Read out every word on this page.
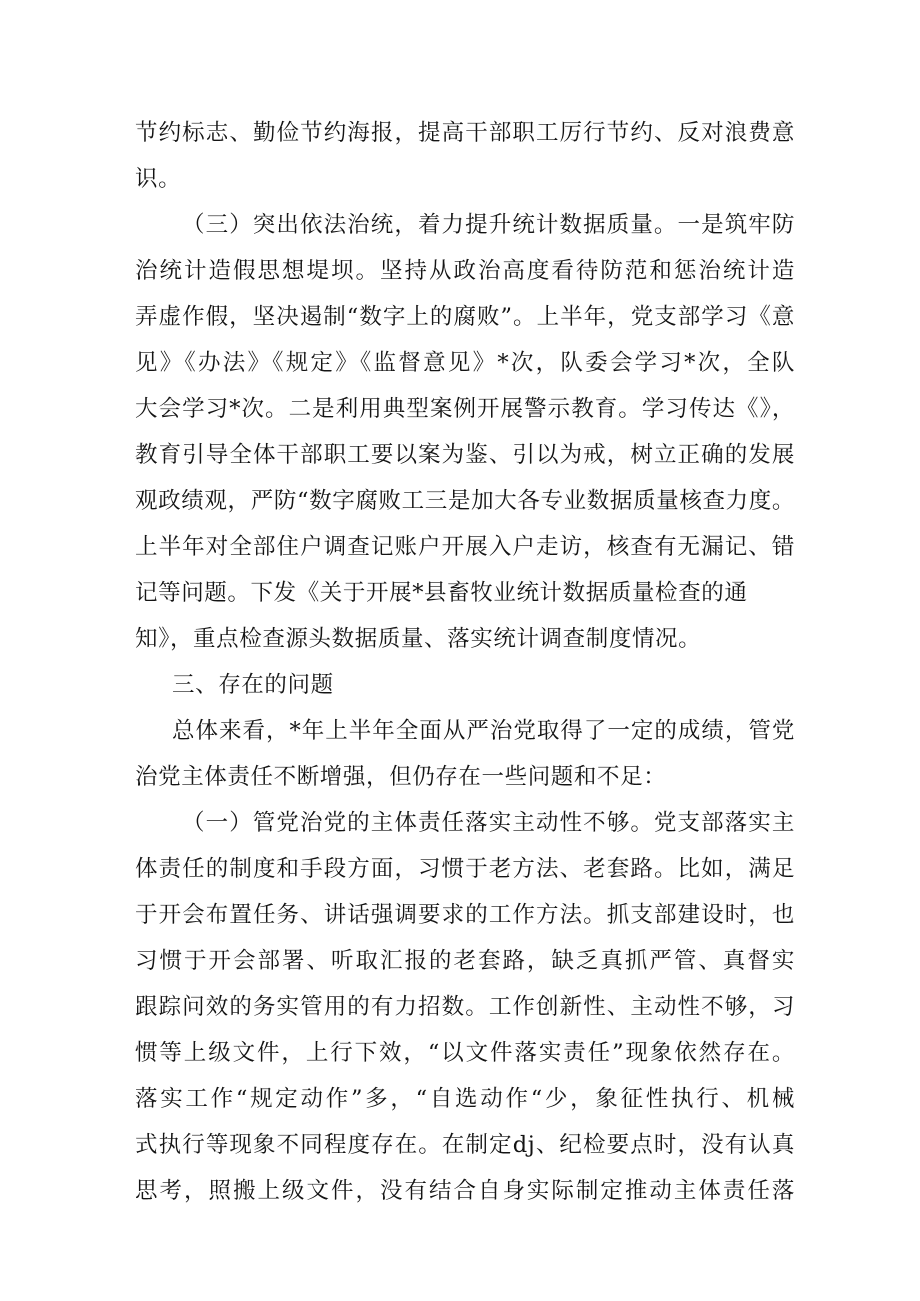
节约标志、勤俭节约海报，提高干部职工厉行节约、反对浪费意
识。
（三）突出依法治统，着力提升统计数据质量。一是筑牢防
治统计造假思想堤坝。坚持从政治高度看待防范和惩治统计造
弄虚作假，坚决遏制“数字上的腐败”。上半年，党支部学习《意
见》《办法》《规定》《监督意见》*次，队委会学习*次，全队
大会学习*次。二是利用典型案例开展警示教育。学习传达《》，
教育引导全体干部职工要以案为鉴、引以为戒，树立正确的发展
观政绩观，严防“数字腐败工三是加大各专业数据质量核查力度。
上半年对全部住户调查记账户开展入户走访，核查有无漏记、错
记等问题。下发《关于开展*县畜牧业统计数据质量检查的通
知》，重点检查源头数据质量、落实统计调查制度情况。
三、存在的问题
总体来看，*年上半年全面从严治党取得了一定的成绩，管党
治党主体责任不断增强，但仍存在一些问题和不足：
（一）管党治党的主体责任落实主动性不够。党支部落实主
体责任的制度和手段方面，习惯于老方法、老套路。比如，满足
于开会布置任务、讲话强调要求的工作方法。抓支部建设时，也
习惯于开会部署、听取汇报的老套路，缺乏真抓严管、真督实
跟踪问效的务实管用的有力招数。工作创新性、主动性不够，习
惯等上级文件，上行下效，“以文件落实责任”现象依然存在。
落实工作“规定动作”多，“自选动作“少，象征性执行、机械
式执行等现象不同程度存在。在制定dj、纪检要点时，没有认真
思考，照搬上级文件，没有结合自身实际制定推动主体责任落
